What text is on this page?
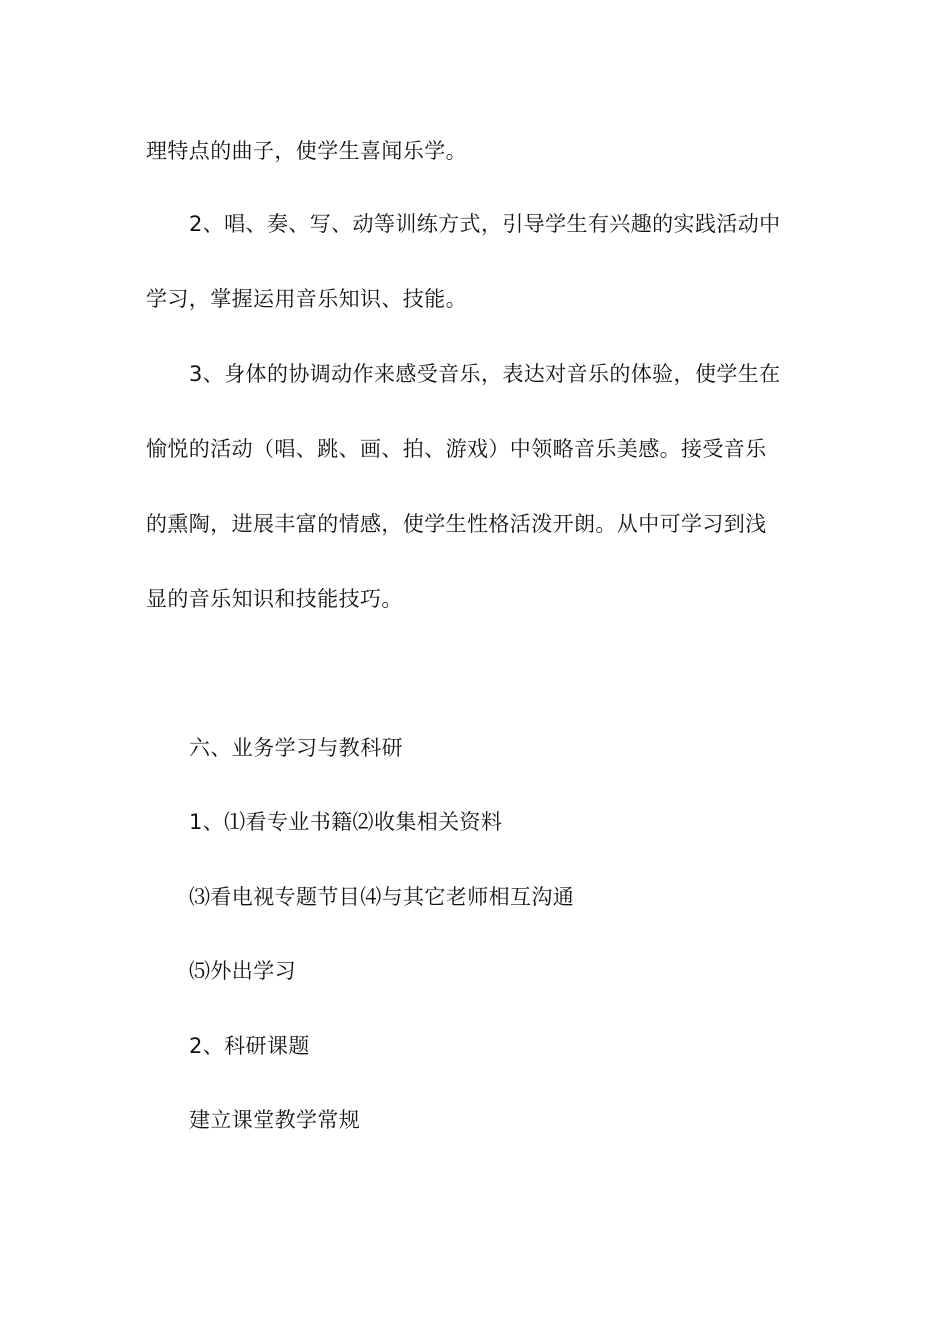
理特点的曲子，使学生喜闻乐学。
2、唱、奏、写、动等训练方式，引导学生有兴趣的实践活动中
学习，掌握运用音乐知识、技能。
3、身体的协调动作来感受音乐，表达对音乐的体验，使学生在
愉悦的活动（唱、跳、画、拍、游戏）中领略音乐美感。接受音乐
的熏陶，进展丰富的情感，使学生性格活泼开朗。从中可学习到浅
显的音乐知识和技能技巧。
六、业务学习与教科研
1、⑴看专业书籍⑵收集相关资料
⑶看电视专题节目⑷与其它老师相互沟通
⑸外出学习
2、科研课题
建立课堂教学常规
